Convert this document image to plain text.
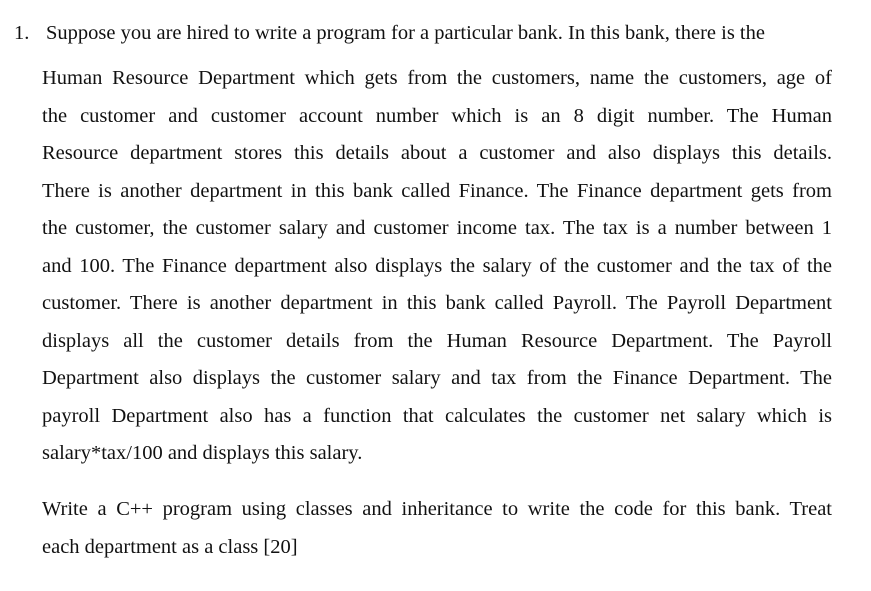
1. Suppose you are hired to write a program for a particular bank. In this bank, there is the
Human Resource Department which gets from the customers, name the customers, age of
the customer and customer account number which is an 8 digit number. The Human
Resource department stores this details about a customer and also displays this details.
There is another department in this bank called Finance. The Finance department gets from
the customer, the customer salary and customer income tax. The tax is a number between 1
and 100. The Finance department also displays the salary of the customer and the tax of the
customer. There is another department in this bank called Payroll. The Payroll Department
displays all the customer details from the Human Resource Department. The Payroll
Department also displays the customer salary and tax from the Finance Department. The
payroll Department also has a function that calculates the customer net salary which is
salary*tax/100 and displays this salary.
Write a C++ program using classes and inheritance to write the code for this bank. Treat
each department as a class [20]
